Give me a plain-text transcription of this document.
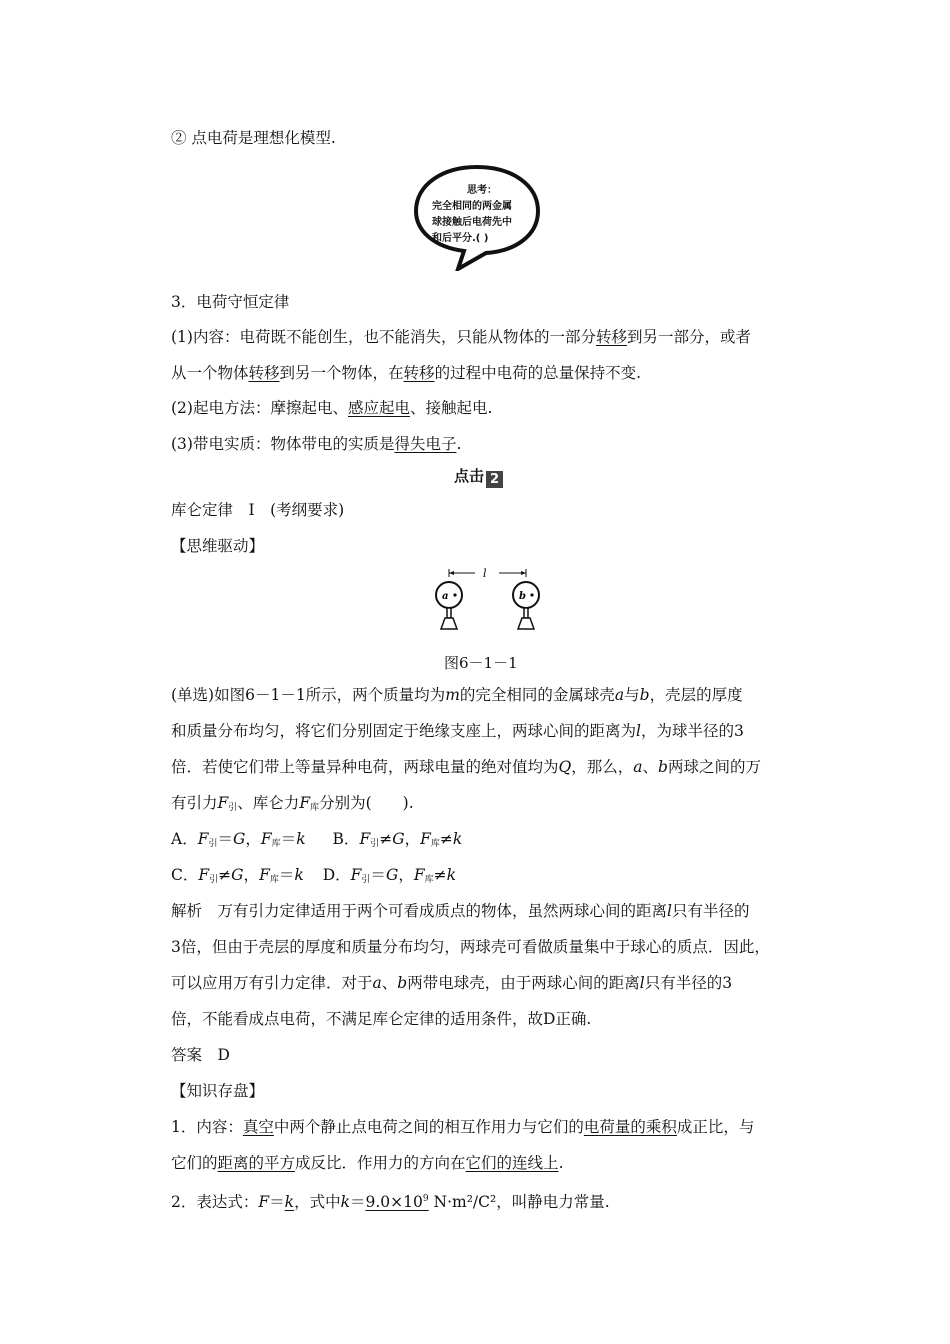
② 点电荷是理想化模型.
思考：
完全相同的两金属
球接触后电荷先中
和后平分.( )
3．电荷守恒定律
(1)内容：电荷既不能创生，也不能消失，只能从物体的一部分转移到另一部分，或者
从一个物体转移到另一个物体，在转移的过程中电荷的总量保持不变.
(2)起电方法：摩擦起电、感应起电、接触起电.
(3)带电实质：物体带电的实质是得失电子.
点击 2
库仑定律　Ⅰ　(考纲要求)
【思维驱动】
l
a	b
图6－1－1
(单选)如图6－1－1所示，两个质量均为m的完全相同的金属球壳a与b，壳层的厚度
和质量分布均匀，将它们分别固定于绝缘支座上，两球心间的距离为l，为球半径的3
倍．若使它们带上等量异种电荷，两球电量的绝对值均为Q，那么，a、b两球之间的万
有引力$F_引$、库仑力$F_库$分别为(　　).
A．$F_引=G$，$F_库=k$ B．$F_引\ne G$，$F_库\ne k$
C．$F_引\ne G$，$F_库=k$ D．$F_引=G$，$F_库\ne k$
解析　万有引力定律适用于两个可看成质点的物体，虽然两球心间的距离l只有半径的
3倍，但由于壳层的厚度和质量分布均匀，两球壳可看做质量集中于球心的质点．因此，
可以应用万有引力定律．对于a、b两带电球壳，由于两球心间的距离l只有半径的3
倍，不能看成点电荷，不满足库仑定律的适用条件，故D正确.
答案　D
【知识存盘】
1．内容：真空中两个静止点电荷之间的相互作用力与它们的电荷量的乘积成正比，与
它们的距离的平方成反比．作用力的方向在它们的连线上.
2．表达式：F＝k，式中$k=9.0\times 10^9$ N·m²/C²，叫静电力常量.
